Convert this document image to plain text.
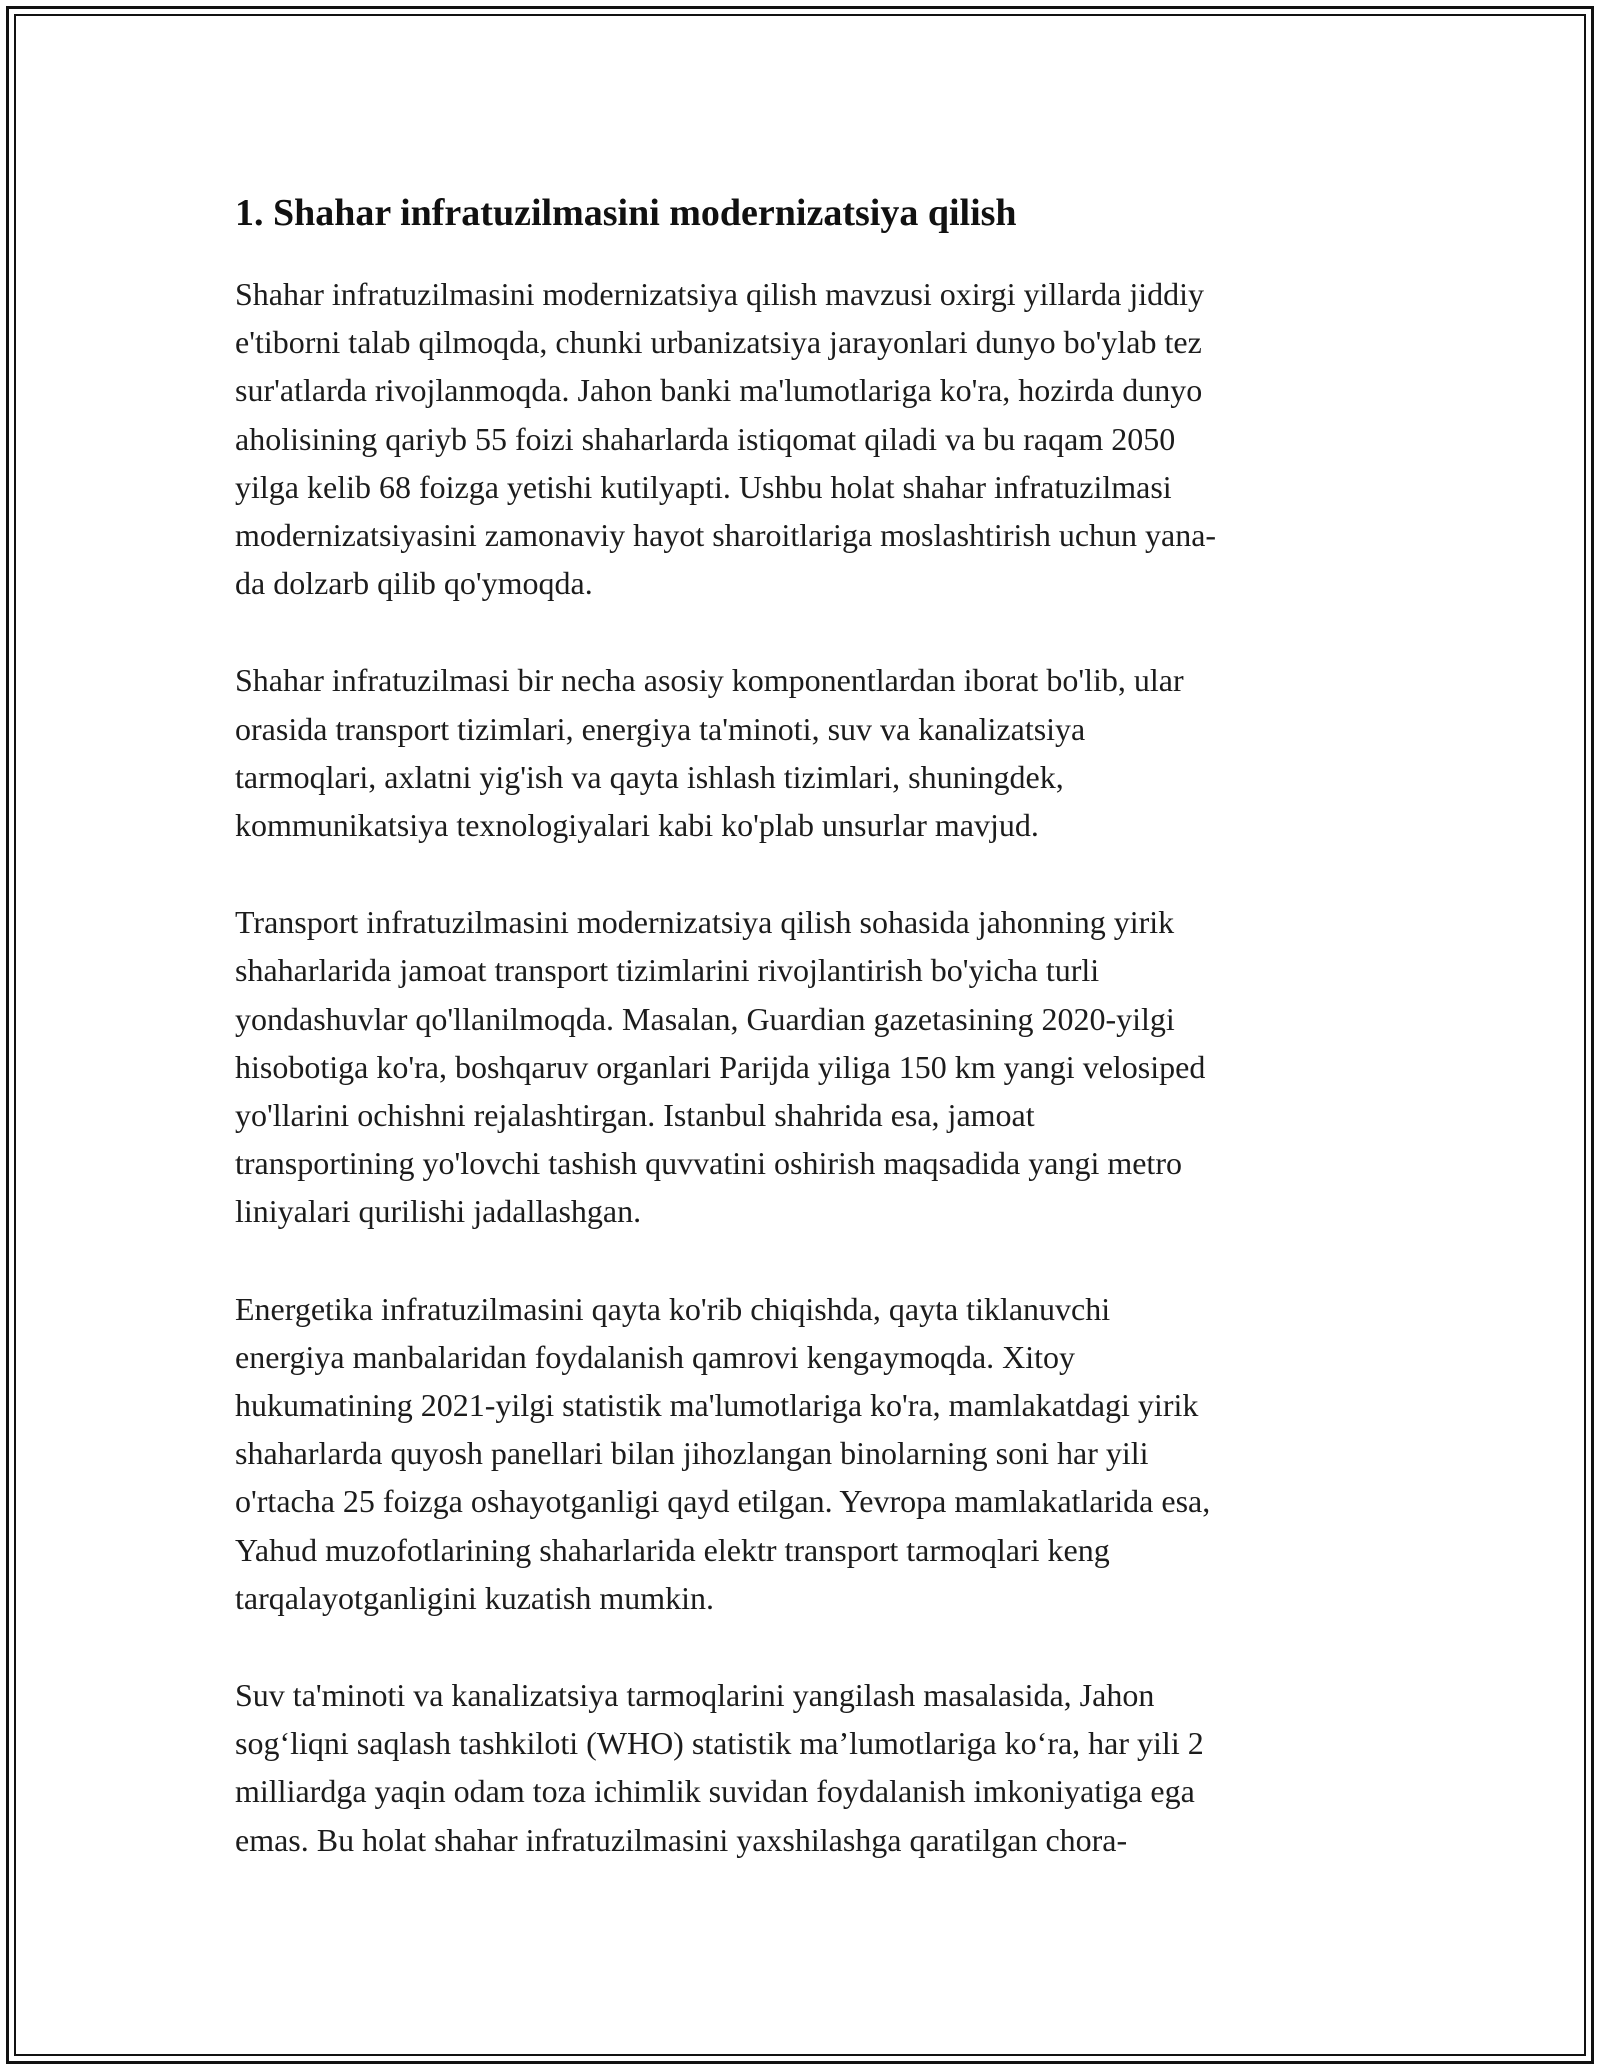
1. Shahar infratuzilmasini modernizatsiya qilish

Shahar infratuzilmasini modernizatsiya qilish mavzusi oxirgi yillarda jiddiy
e'tiborni talab qilmoqda, chunki urbanizatsiya jarayonlari dunyo bo'ylab tez
sur'atlarda rivojlanmoqda. Jahon banki ma'lumotlariga ko'ra, hozirda dunyo
aholisining qariyb 55 foizi shaharlarda istiqomat qiladi va bu raqam 2050
yilga kelib 68 foizga yetishi kutilyapti. Ushbu holat shahar infratuzilmasi
modernizatsiyasini zamonaviy hayot sharoitlariga moslashtirish uchun yana-
da dolzarb qilib qo'ymoqda.

Shahar infratuzilmasi bir necha asosiy komponentlardan iborat bo'lib, ular
orasida transport tizimlari, energiya ta'minoti, suv va kanalizatsiya
tarmoqlari, axlatni yig'ish va qayta ishlash tizimlari, shuningdek,
kommunikatsiya texnologiyalari kabi ko'plab unsurlar mavjud.

Transport infratuzilmasini modernizatsiya qilish sohasida jahonning yirik
shaharlarida jamoat transport tizimlarini rivojlantirish bo'yicha turli
yondashuvlar qo'llanilmoqda. Masalan, Guardian gazetasining 2020-yilgi
hisobotiga ko'ra, boshqaruv organlari Parijda yiliga 150 km yangi velosiped
yo'llarini ochishni rejalashtirgan. Istanbul shahrida esa, jamoat
transportining yo'lovchi tashish quvvatini oshirish maqsadida yangi metro
liniyalari qurilishi jadallashgan.

Energetika infratuzilmasini qayta ko'rib chiqishda, qayta tiklanuvchi
energiya manbalaridan foydalanish qamrovi kengaymoqda. Xitoy
hukumatining 2021-yilgi statistik ma'lumotlariga ko'ra, mamlakatdagi yirik
shaharlarda quyosh panellari bilan jihozlangan binolarning soni har yili
o'rtacha 25 foizga oshayotganligi qayd etilgan. Yevropa mamlakatlarida esa,
Yahud muzofotlarining shaharlarida elektr transport tarmoqlari keng
tarqalayotganligini kuzatish mumkin.

Suv ta'minoti va kanalizatsiya tarmoqlarini yangilash masalasida, Jahon
sog‘liqni saqlash tashkiloti (WHO) statistik ma’lumotlariga ko‘ra, har yili 2
milliardga yaqin odam toza ichimlik suvidan foydalanish imkoniyatiga ega
emas. Bu holat shahar infratuzilmasini yaxshilashga qaratilgan chora-
